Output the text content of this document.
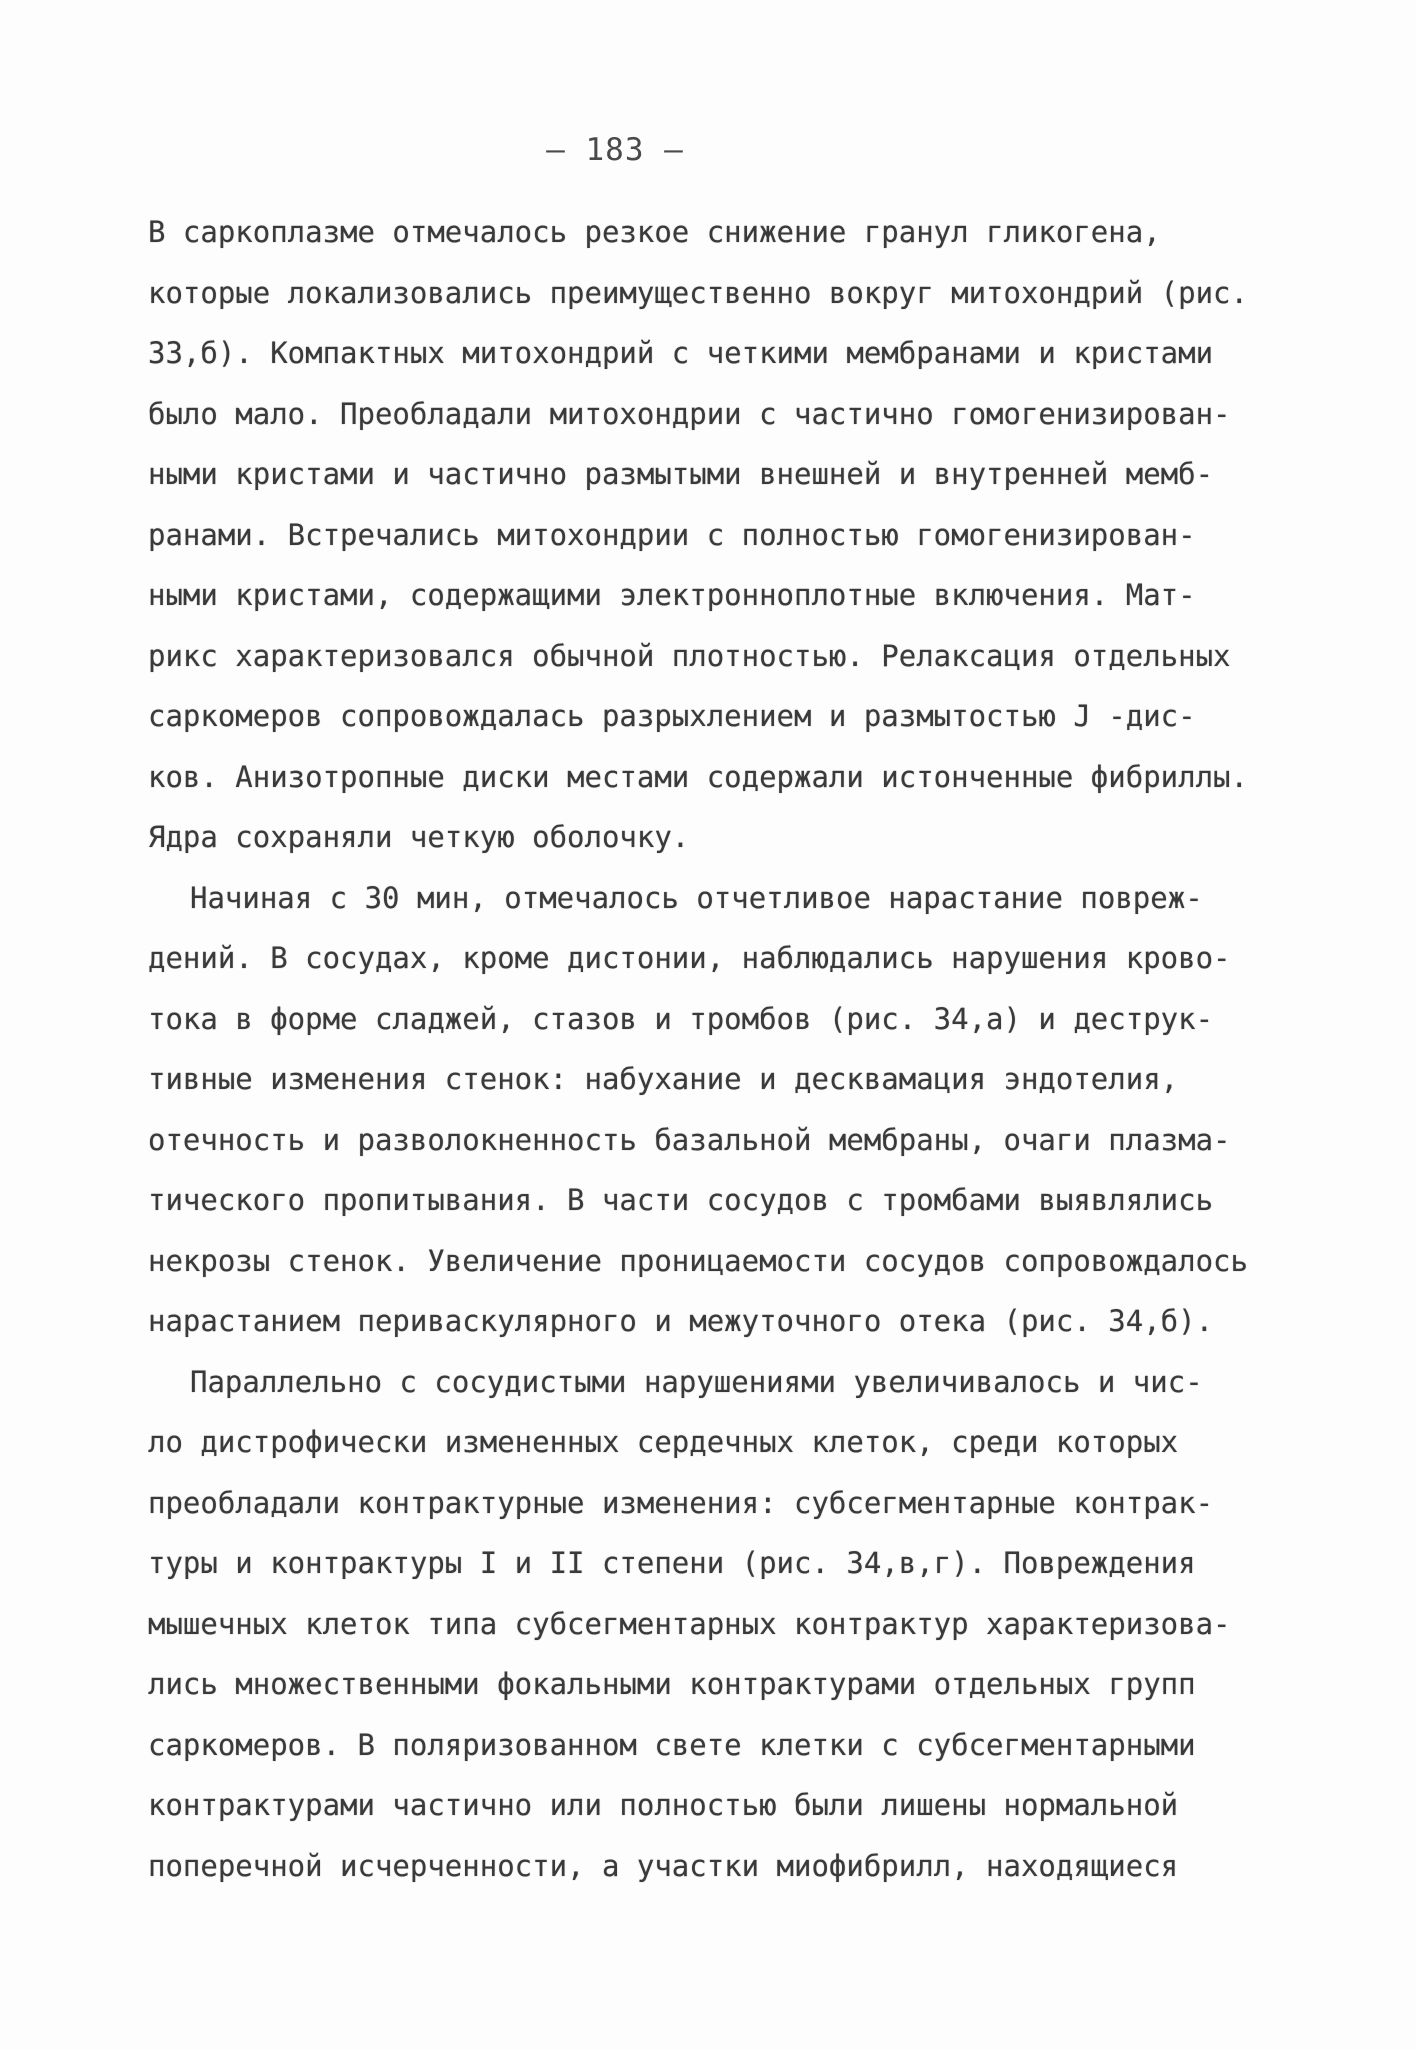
– 183 –

В саркоплазме отмечалось резкое снижение гранул гликогена,
которые локализовались преимущественно вокруг митохондрий (рис.
33,б). Компактных митохондрий с четкими мембранами и кристами
было мало. Преобладали митохондрии с частично гомогенизирован-
ными кристами и частично размытыми внешней и внутренней мемб-
ранами. Встречались митохондрии с полностью гомогенизирован-
ными кристами, содержащими электронноплотные включения. Мат-
рикс характеризовался обычной плотностью. Релаксация отдельных
саркомеров сопровождалась разрыхлением и размытостью J -дис-
ков. Анизотропные диски местами содержали истонченные фибриллы.
Ядра сохраняли четкую оболочку.

Начиная с 30 мин, отмечалось отчетливое нарастание повреж-
дений. В сосудах, кроме дистонии, наблюдались нарушения крово-
тока в форме сладжей, стазов и тромбов (рис. 34,а) и деструк-
тивные изменения стенок: набухание и десквамация эндотелия,
отечность и разволокненность базальной мембраны, очаги плазма-
тического пропитывания. В части сосудов с тромбами выявлялись
некрозы стенок. Увеличение проницаемости сосудов сопровождалось
нарастанием периваскулярного и межуточного отека (рис. 34,б).

Параллельно с сосудистыми нарушениями увеличивалось и чис-
ло дистрофически измененных сердечных клеток, среди которых
преобладали контрактурные изменения: субсегментарные контрак-
туры и контрактуры I и II степени (рис. 34,в,г). Повреждения
мышечных клеток типа субсегментарных контрактур характеризова-
лись множественными фокальными контрактурами отдельных групп
саркомеров. В поляризованном свете клетки с субсегментарными
контрактурами частично или полностью были лишены нормальной
поперечной исчерченности, а участки миофибрилл, находящиеся
